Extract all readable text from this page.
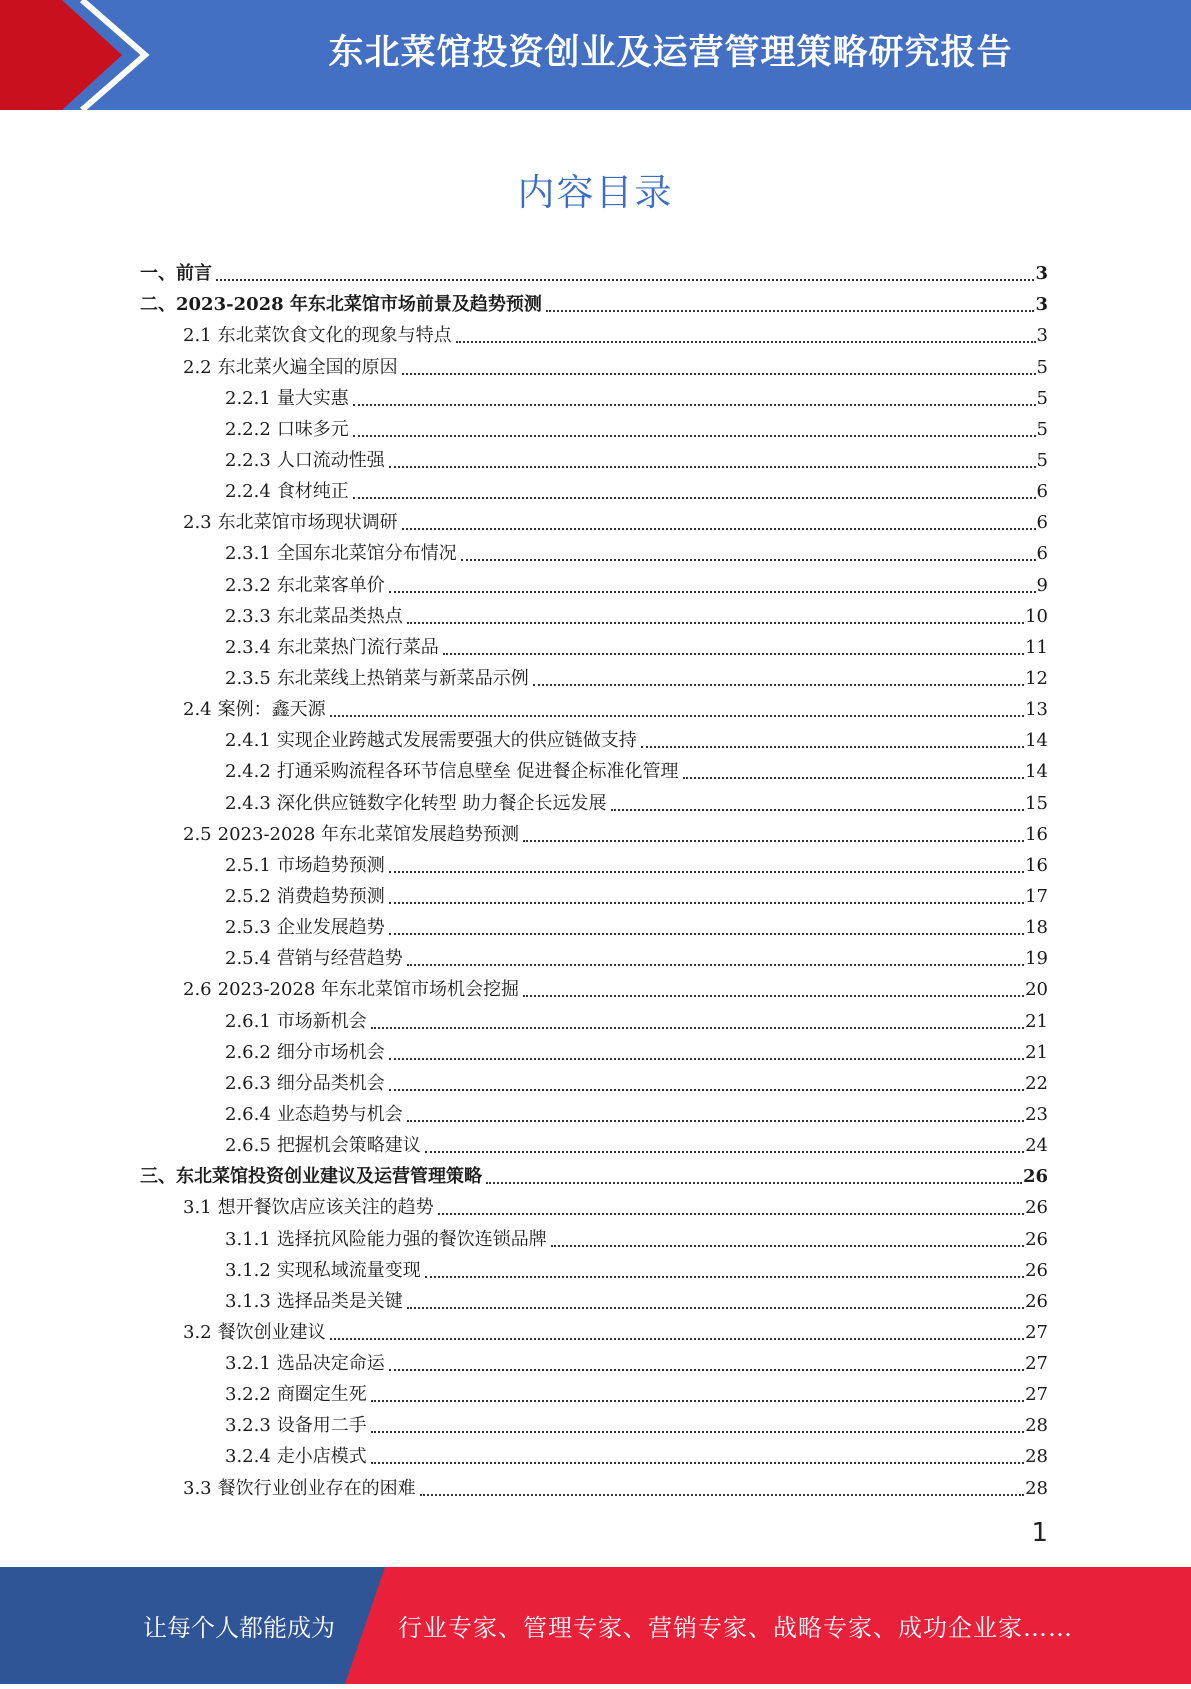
东北菜馆投资创业及运营管理策略研究报告
内容目录
一、前言	3
二、2023-2028 年东北菜馆市场前景及趋势预测	3
2.1 东北菜饮食文化的现象与特点	3
2.2 东北菜火遍全国的原因	5
2.2.1 量大实惠	5
2.2.2 口味多元	5
2.2.3 人口流动性强	5
2.2.4 食材纯正	6
2.3 东北菜馆市场现状调研	6
2.3.1 全国东北菜馆分布情况	6
2.3.2 东北菜客单价	9
2.3.3 东北菜品类热点	10
2.3.4 东北菜热门流行菜品	11
2.3.5 东北菜线上热销菜与新菜品示例	12
2.4 案例：鑫天源	13
2.4.1 实现企业跨越式发展需要强大的供应链做支持	14
2.4.2 打通采购流程各环节信息壁垒 促进餐企标准化管理	14
2.4.3 深化供应链数字化转型 助力餐企长远发展	15
2.5 2023-2028 年东北菜馆发展趋势预测	16
2.5.1 市场趋势预测	16
2.5.2 消费趋势预测	17
2.5.3 企业发展趋势	18
2.5.4 营销与经营趋势	19
2.6 2023-2028 年东北菜馆市场机会挖掘	20
2.6.1 市场新机会	21
2.6.2 细分市场机会	21
2.6.3 细分品类机会	22
2.6.4 业态趋势与机会	23
2.6.5 把握机会策略建议	24
三、东北菜馆投资创业建议及运营管理策略	26
3.1 想开餐饮店应该关注的趋势	26
3.1.1 选择抗风险能力强的餐饮连锁品牌	26
3.1.2 实现私域流量变现	26
3.1.3 选择品类是关键	26
3.2 餐饮创业建议	27
3.2.1 选品决定命运	27
3.2.2 商圈定生死	27
3.2.3 设备用二手	28
3.2.4 走小店模式	28
3.3 餐饮行业创业存在的困难	28
1
让每个人都能成为	行业专家、管理专家、营销专家、战略专家、成功企业家……
